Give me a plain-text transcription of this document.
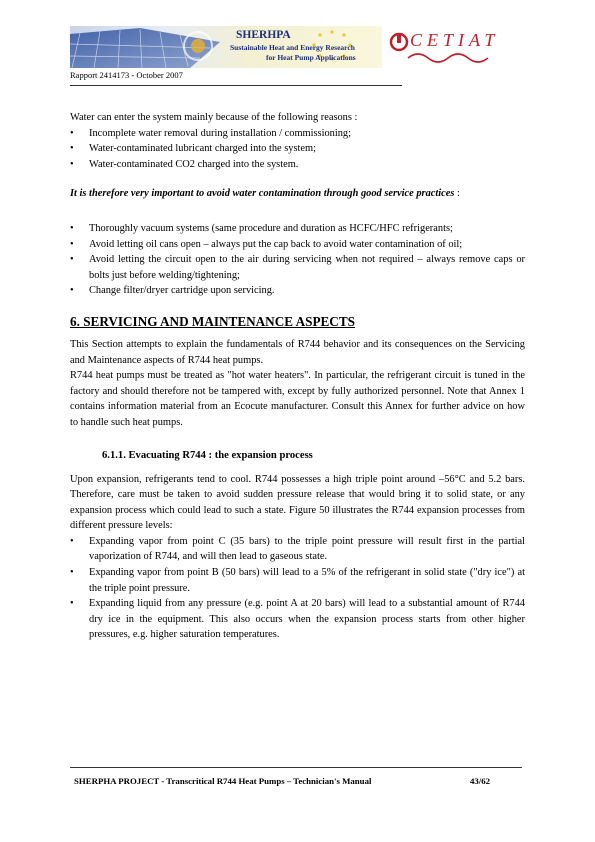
SHERHPA
Sustainable Heat and Energy Research
for Heat Pump Applications
CETIAT
Rapport 2414173 - October 2007

Water can enter the system mainly because of the following reasons :

• Incomplete water removal during installation / commissioning;
• Water-contaminated lubricant charged into the system;
• Water-contaminated CO2 charged into the system.

It is therefore very important to avoid water contamination through good service practices :

• Thoroughly vacuum systems (same procedure and duration as HCFC/HFC refrigerants;
• Avoid letting oil cans open – always put the cap back to avoid water contamination of oil;
• Avoid letting the circuit open to the air during servicing when not required – always remove caps or bolts just before welding/tightening;
• Change filter/dryer cartridge upon servicing.
6. SERVICING AND MAINTENANCE ASPECTS

This Section attempts to explain the fundamentals of R744 behavior and its consequences on the Servicing and Maintenance aspects of R744 heat pumps.

R744 heat pumps must be treated as "hot water heaters". In particular, the refrigerant circuit is tuned in the factory and should therefore not be tampered with, except by fully authorized personnel. Note that Annex 1 contains information material from an Ecocute manufacturer. Consult this Annex for further advice on how to handle such heat pumps.

6.1.1. Evacuating R744 : the expansion process

Upon expansion, refrigerants tend to cool. R744 possesses a high triple point around –56°C and 5.2 bars. Therefore, care must be taken to avoid sudden pressure release that would bring it to solid state, or any expansion process which could lead to such a state. Figure 50 illustrates the R744 expansion processes from different pressure levels:

• Expanding vapor from point C (35 bars) to the triple point pressure will result first in the partial vaporization of R744, and will then lead to gaseous state.
• Expanding vapor from point B (50 bars) will lead to a 5% of the refrigerant in solid state ("dry ice") at the triple point pressure.
• Expanding liquid from any pressure (e.g. point A at 20 bars) will lead to a substantial amount of R744 dry ice in the equipment. This also occurs when the expansion process starts from other higher pressures, e.g. higher saturation temperatures.
SHERPHA PROJECT - Transcritical R744 Heat Pumps – Technician's Manual	43/62
